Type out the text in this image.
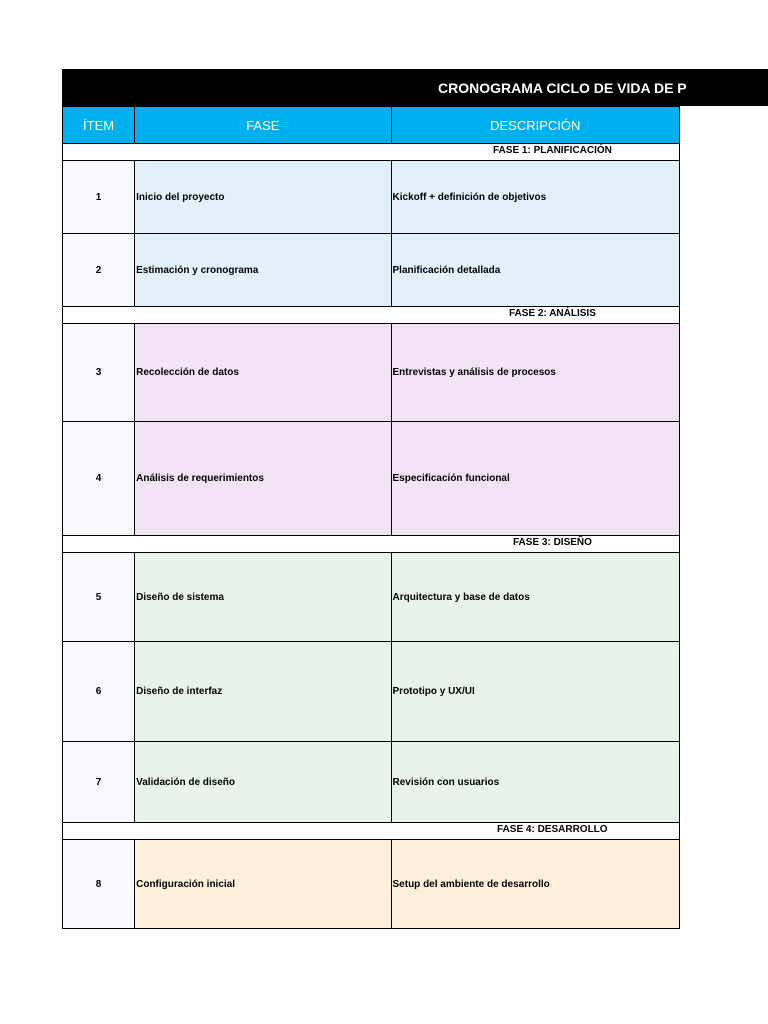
CRONOGRAMA CICLO DE VIDA DE P
ÍTEM	FASE	DESCRIPCIÓN

FASE 1: PLANIFICACIÓN		

1	Inicio del proyecto	Kickoff + definición de objetivos
2	Estimación y cronograma	Planificación detallada

FASE 2: ANÁLISIS		

3	Recolección de datos	Entrevistas y análisis de procesos
4	Análisis de requerimientos	Especificación funcional

FASE 3: DISEÑO		

5	Diseño de sistema	Arquitectura y base de datos
6	Diseño de interfaz	Prototipo y UX/UI
7	Validación de diseño	Revisión con usuarios

FASE 4: DESARROLLO		

8	Configuración inicial	Setup del ambiente de desarrollo
